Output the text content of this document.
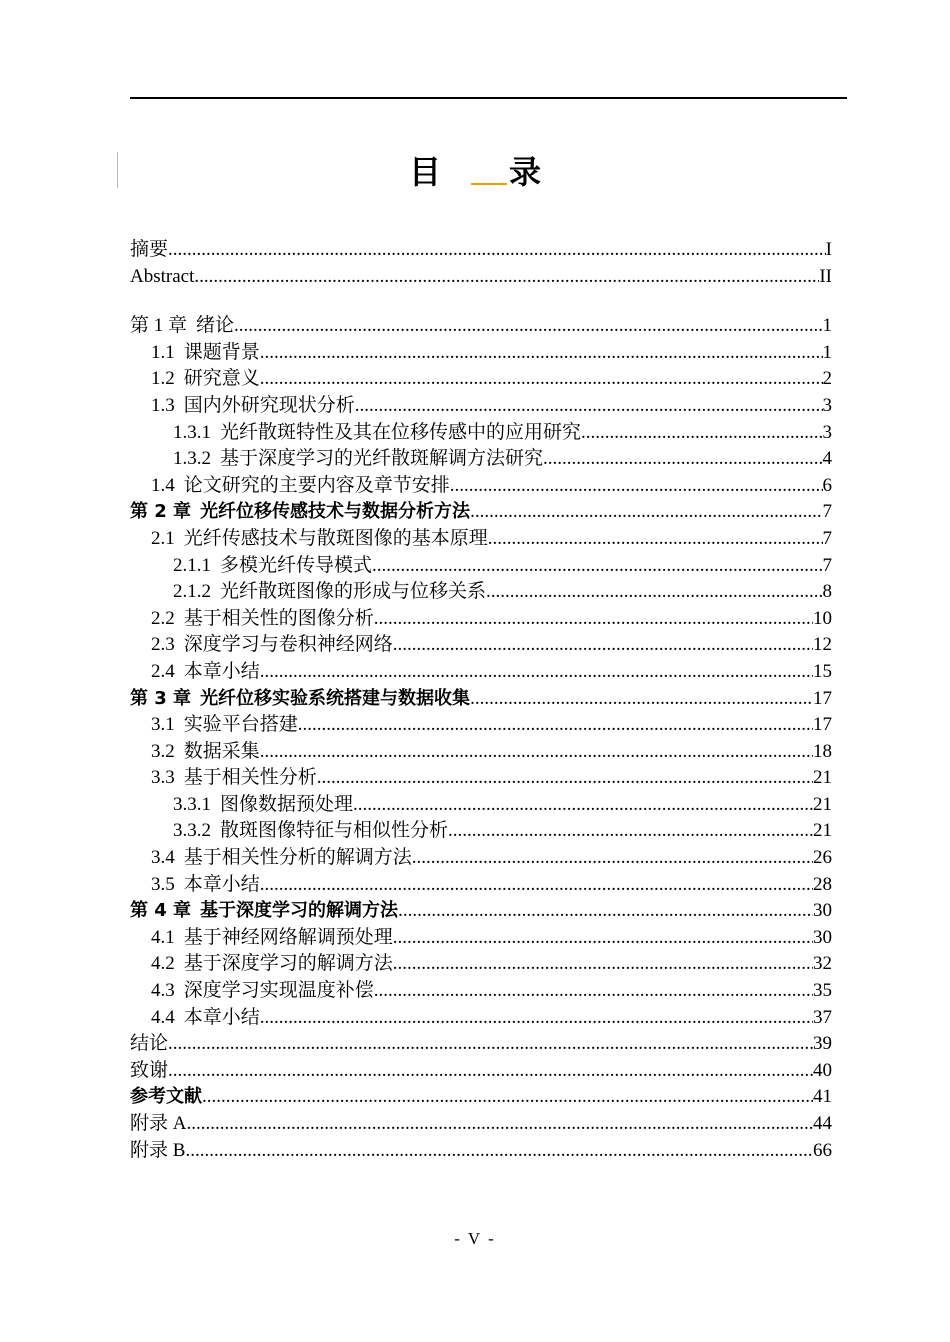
目 录
摘要 .....	I
Abstract .....	II
第 1 章 绪论 .....	1
1.1 课题背景 .....	1
1.2 研究意义 .....	2
1.3 国内外研究现状分析 .....	3
1.3.1 光纤散斑特性及其在位移传感中的应用研究 .....	3
1.3.2 基于深度学习的光纤散斑解调方法研究 .....	4
1.4 论文研究的主要内容及章节安排 .....	6
第 2 章 光纤位移传感技术与数据分析方法 .....	7
2.1 光纤传感技术与散斑图像的基本原理 .....	7
2.1.1 多模光纤传导模式 .....	7
2.1.2 光纤散斑图像的形成与位移关系 .....	8
2.2 基于相关性的图像分析 .....	10
2.3 深度学习与卷积神经网络 .....	12
2.4 本章小结 .....	15
第 3 章 光纤位移实验系统搭建与数据收集 .....	17
3.1 实验平台搭建 .....	17
3.2 数据采集 .....	18
3.3 基于相关性分析 .....	21
3.3.1 图像数据预处理 .....	21
3.3.2 散斑图像特征与相似性分析 .....	21
3.4 基于相关性分析的解调方法 .....	26
3.5 本章小结 .....	28
第 4 章 基于深度学习的解调方法 .....	30
4.1 基于神经网络解调预处理 .....	30
4.2 基于深度学习的解调方法 .....	32
4.3 深度学习实现温度补偿 .....	35
4.4 本章小结 .....	37
结论 .....	39
致谢 .....	40
参考文献 .....	41
附录 A .....	44
附录 B .....	66
- V -
